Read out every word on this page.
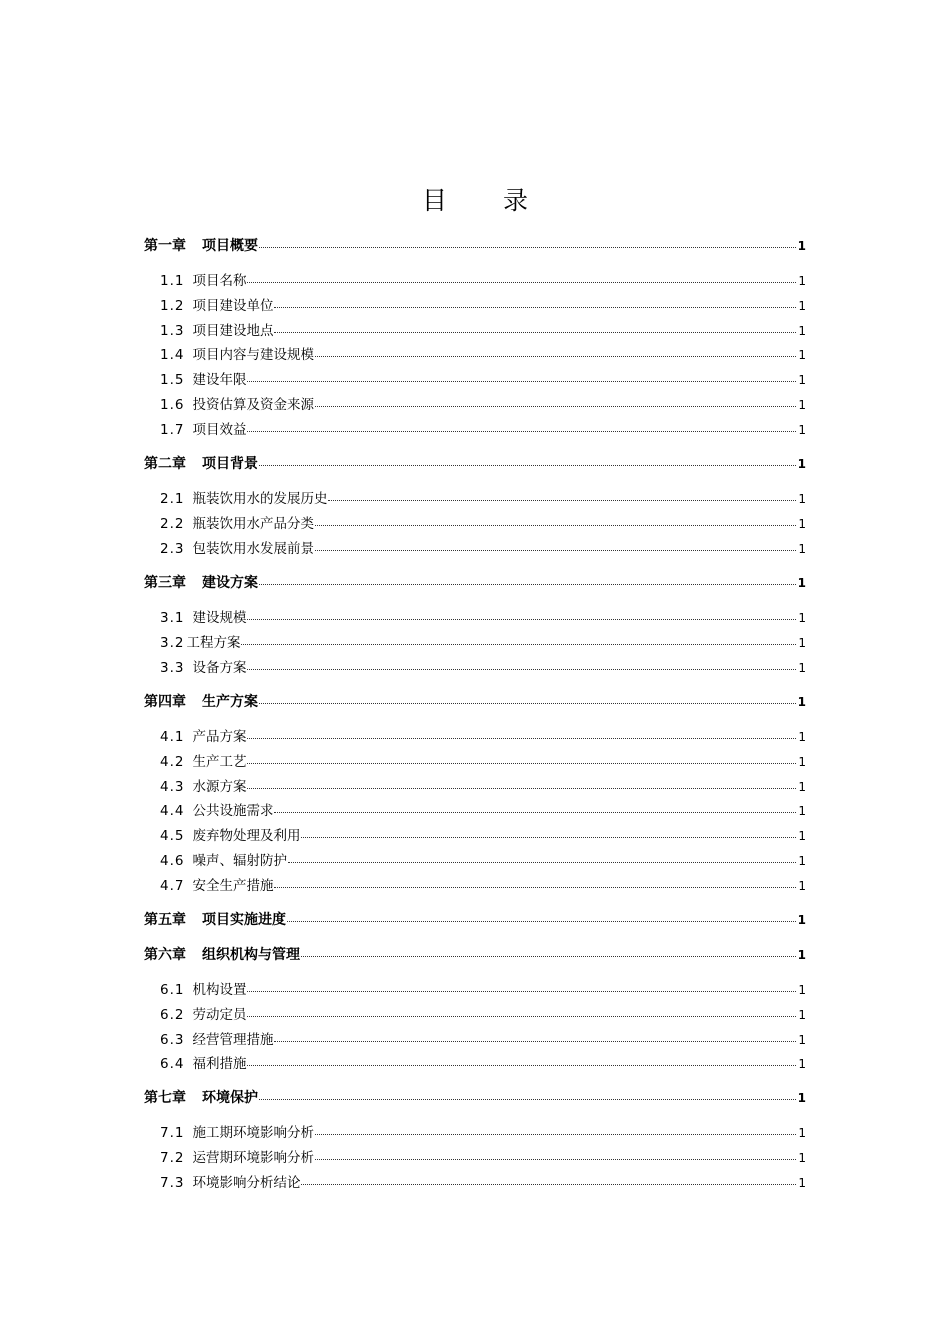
目 录
第一章 项目概要	1
1.1 项目名称	1
1.2 项目建设单位	1
1.3 项目建设地点	1
1.4 项目内容与建设规模	1
1.5 建设年限	1
1.6 投资估算及资金来源	1
1.7 项目效益	1
第二章 项目背景	1
2.1 瓶装饮用水的发展历史	1
2.2 瓶装饮用水产品分类	1
2.3 包装饮用水发展前景	1
第三章 建设方案	1
3.1 建设规模	1
3.2 工程方案	1
3.3 设备方案	1
第四章 生产方案	1
4.1 产品方案	1
4.2 生产工艺	1
4.3 水源方案	1
4.4 公共设施需求	1
4.5 废弃物处理及利用	1
4.6 噪声、辐射防护	1
4.7 安全生产措施	1
第五章 项目实施进度	1
第六章 组织机构与管理	1
6.1 机构设置	1
6.2 劳动定员	1
6.3 经营管理措施	1
6.4 福利措施	1
第七章 环境保护	1
7.1 施工期环境影响分析	1
7.2 运营期环境影响分析	1
7.3 环境影响分析结论	1
